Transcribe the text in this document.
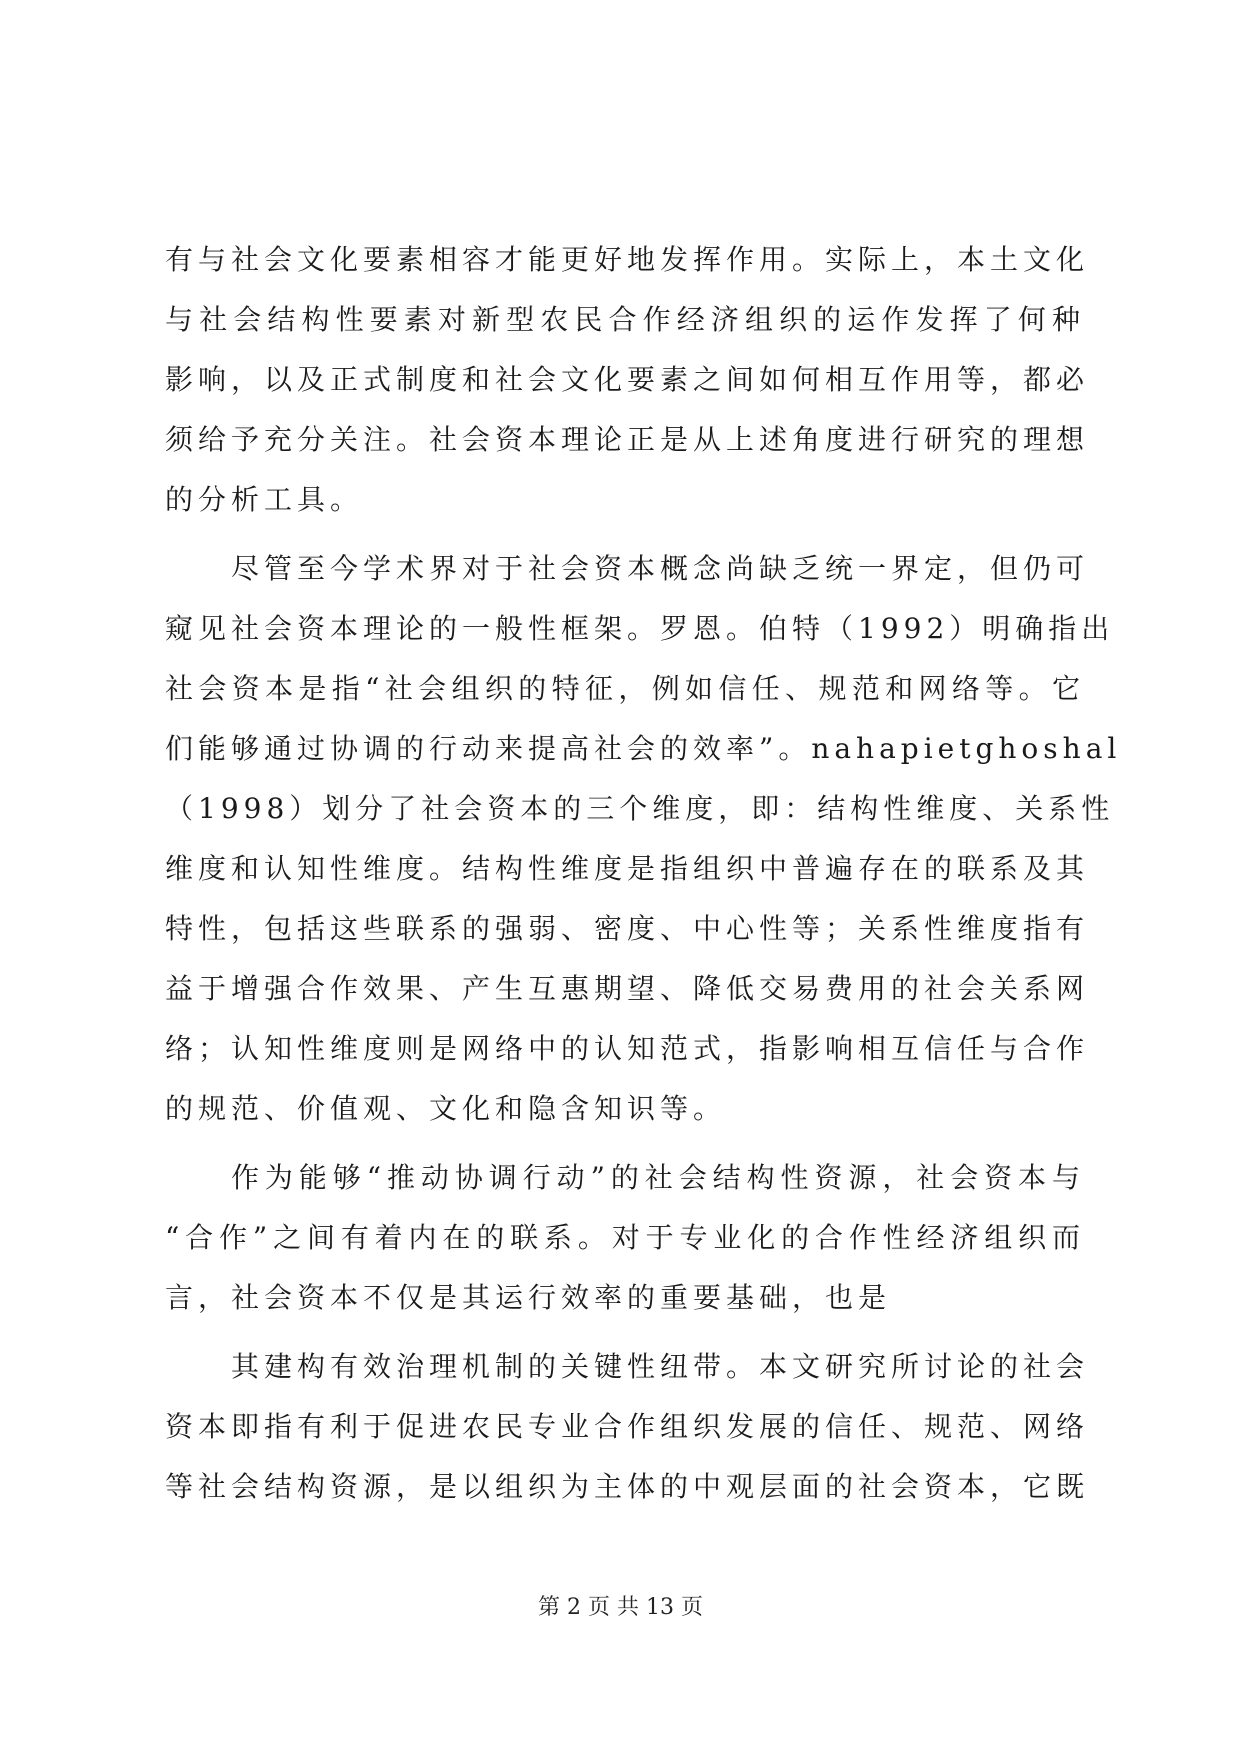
有与社会文化要素相容才能更好地发挥作用。实际上，本土文化
与社会结构性要素对新型农民合作经济组织的运作发挥了何种
影响，以及正式制度和社会文化要素之间如何相互作用等，都必
须给予充分关注。社会资本理论正是从上述角度进行研究的理想
的分析工具。
尽管至今学术界对于社会资本概念尚缺乏统一界定，但仍可
窥见社会资本理论的一般性框架。罗恩。伯特（1992）明确指出
社会资本是指“社会组织的特征，例如信任、规范和网络等。它
们能够通过协调的行动来提高社会的效率”。nahapietghoshal
（1998）划分了社会资本的三个维度，即：结构性维度、关系性
维度和认知性维度。结构性维度是指组织中普遍存在的联系及其
特性，包括这些联系的强弱、密度、中心性等；关系性维度指有
益于增强合作效果、产生互惠期望、降低交易费用的社会关系网
络；认知性维度则是网络中的认知范式，指影响相互信任与合作
的规范、价值观、文化和隐含知识等。
作为能够“推动协调行动”的社会结构性资源，社会资本与
“合作”之间有着内在的联系。对于专业化的合作性经济组织而
言，社会资本不仅是其运行效率的重要基础，也是
其建构有效治理机制的关键性纽带。本文研究所讨论的社会
资本即指有利于促进农民专业合作组织发展的信任、规范、网络
等社会结构资源，是以组织为主体的中观层面的社会资本，它既
第 2 页 共 13 页
